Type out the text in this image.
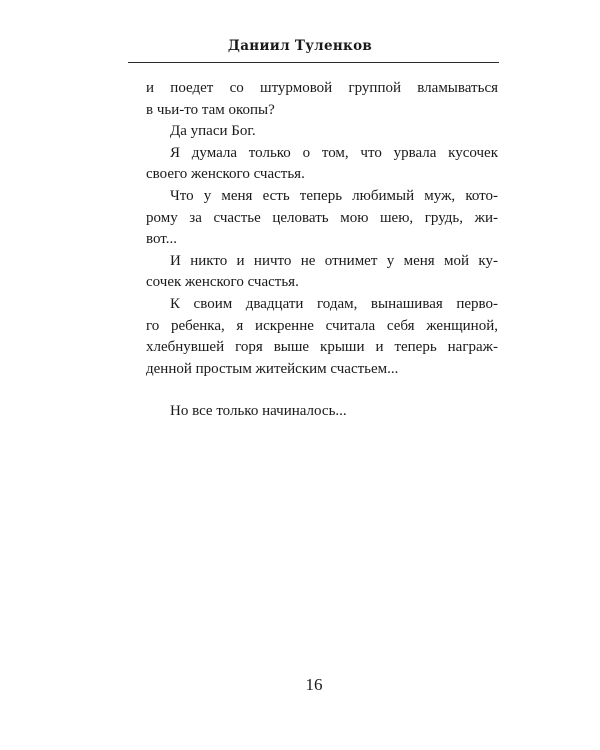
Даниил Туленков
и поедет со штурмовой группой вламываться
в чьи-то там окопы?
Да упаси Бог.
Я думала только о том, что урвала кусочек
своего женского счастья.
Что у меня есть теперь любимый муж, кото-
рому за счастье целовать мою шею, грудь, жи-
вот...
И никто и ничто не отнимет у меня мой ку-
сочек женского счастья.
К своим двадцати годам, вынашивая перво-
го ребенка, я искренне считала себя женщиной,
хлебнувшей горя выше крыши и теперь награж-
денной простым житейским счастьем...
Но все только начиналось...
16
